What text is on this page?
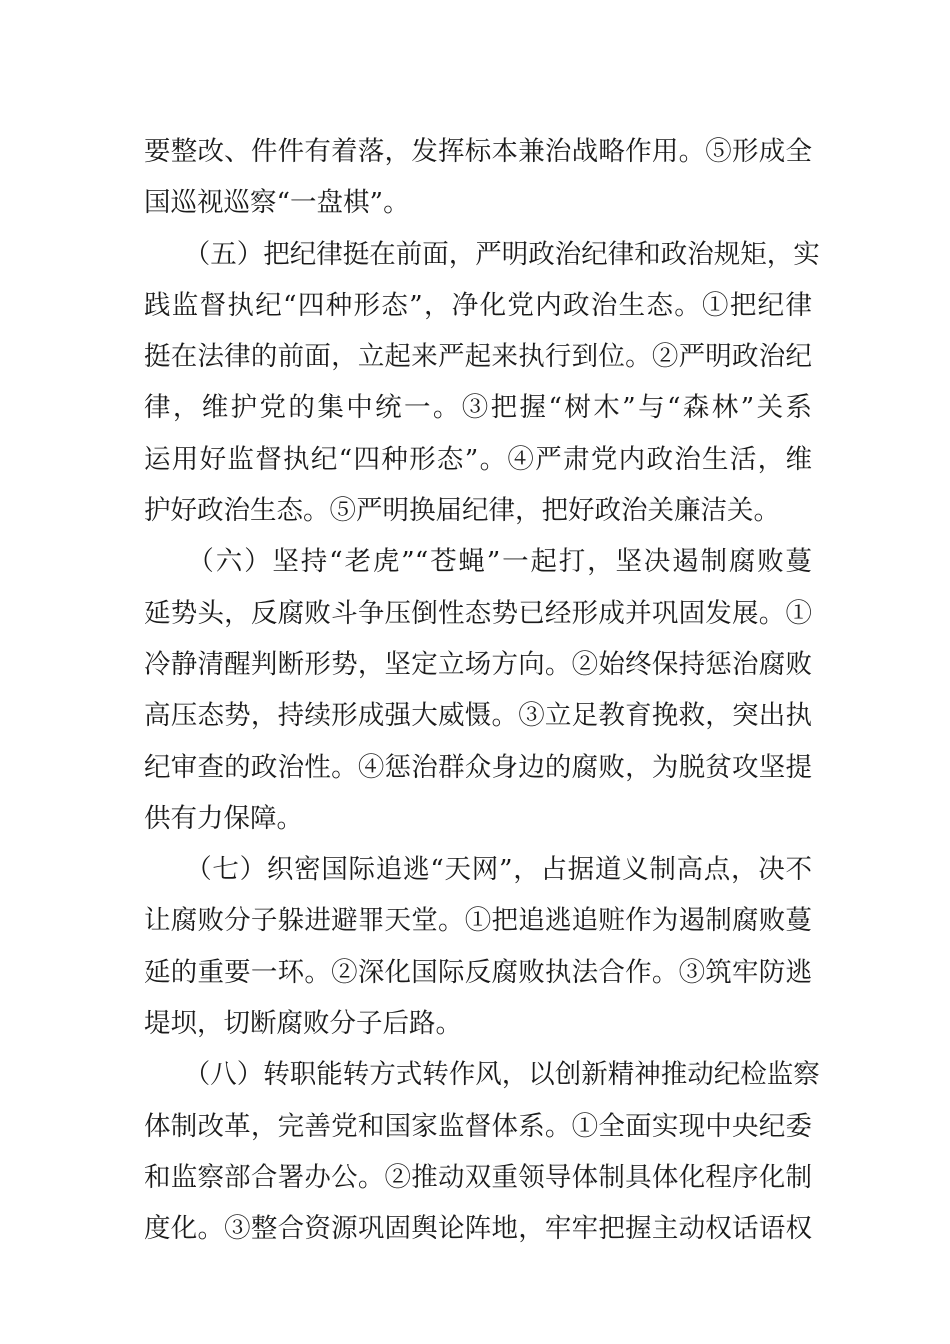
要整改、件件有着落，发挥标本兼治战略作用。⑤形成全
国巡视巡察“一盘棋”。
　　（五）把纪律挺在前面，严明政治纪律和政治规矩，实
践监督执纪“四种形态”，净化党内政治生态。①把纪律
挺在法律的前面，立起来严起来执行到位。②严明政治纪
律，维护党的集中统一。③把握“树木”与“森林”关系
运用好监督执纪“四种形态”。④严肃党内政治生活，维
护好政治生态。⑤严明换届纪律，把好政治关廉洁关。
　　（六）坚持“老虎”“苍蝇”一起打，坚决遏制腐败蔓
延势头，反腐败斗争压倒性态势已经形成并巩固发展。①
冷静清醒判断形势，坚定立场方向。②始终保持惩治腐败
高压态势，持续形成强大威慑。③立足教育挽救，突出执
纪审查的政治性。④惩治群众身边的腐败，为脱贫攻坚提
供有力保障。
　　（七）织密国际追逃“天网”，占据道义制高点，决不
让腐败分子躲进避罪天堂。①把追逃追赃作为遏制腐败蔓
延的重要一环。②深化国际反腐败执法合作。③筑牢防逃
堤坝，切断腐败分子后路。
　　（八）转职能转方式转作风，以创新精神推动纪检监察
体制改革，完善党和国家监督体系。①全面实现中央纪委
和监察部合署办公。②推动双重领导体制具体化程序化制
度化。③整合资源巩固舆论阵地，牢牢把握主动权话语权
